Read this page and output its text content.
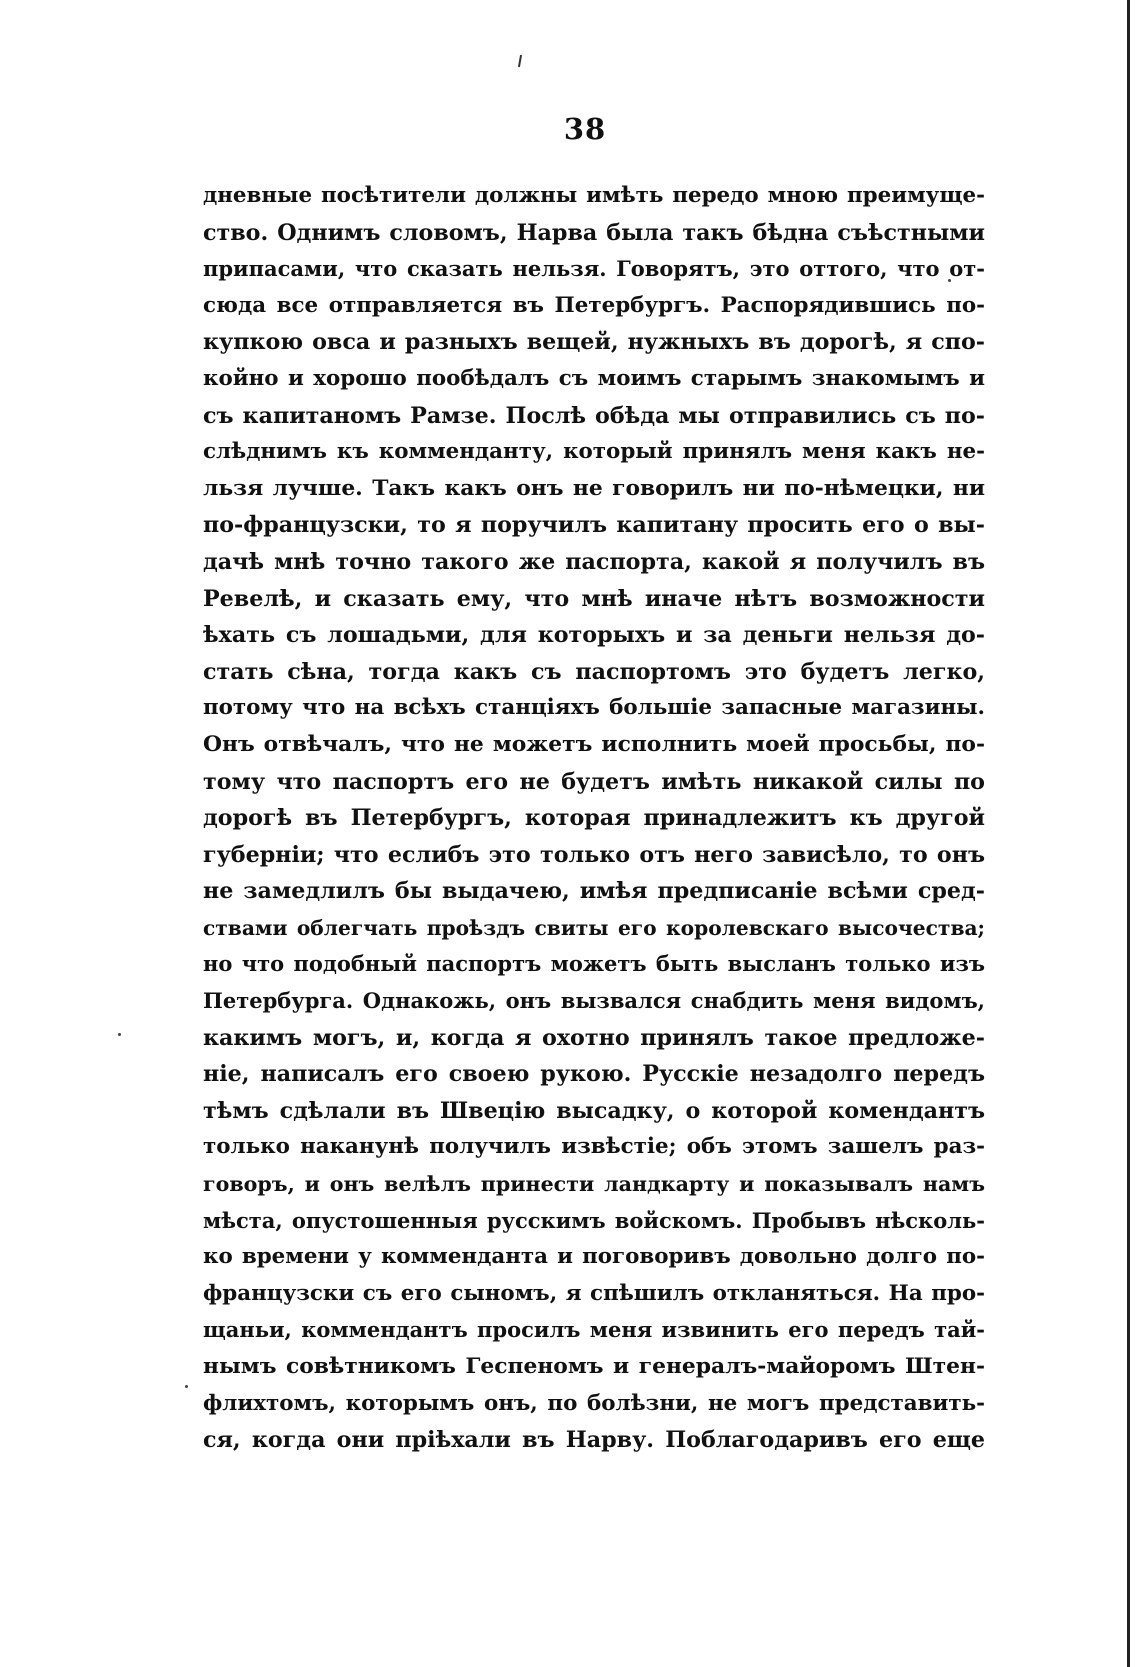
38
дневные посѣтители должны имѣть передо мною преимуще-
ство. Однимъ словомъ, Нарва была такъ бѣдна съѣстными
припасами, что сказать нельзя. Говорятъ, это оттого, что от-
сюда все отправляется въ Петербургъ. Распорядившись по-
купкою овса и разныхъ вещей, нужныхъ въ дорогѣ, я спо-
койно и хорошо пообѣдалъ съ моимъ старымъ знакомымъ и
съ капитаномъ Рамзе. Послѣ обѣда мы отправились съ по-
слѣднимъ къ комменданту, который принялъ меня какъ не-
льзя лучше. Такъ какъ онъ не говорилъ ни по-нѣмецки, ни
по-французски, то я поручилъ капитану просить его о вы-
дачѣ мнѣ точно такого же паспорта, какой я получилъ въ
Ревелѣ, и сказать ему, что мнѣ иначе нѣтъ возможности
ѣхать съ лошадьми, для которыхъ и за деньги нельзя до-
стать сѣна, тогда какъ съ паспортомъ это будетъ легко,
потому что на всѣхъ станціяхъ большіе запасные магазины.
Онъ отвѣчалъ, что не можетъ исполнить моей просьбы, по-
тому что паспортъ его не будетъ имѣть никакой силы по
дорогѣ въ Петербургъ, которая принадлежитъ къ другой
губерніи; что еслибъ это только отъ него зависѣло, то онъ
не замедлилъ бы выдачею, имѣя предписаніе всѣми сред-
ствами облегчать проѣздъ свиты его королевскаго высочества;
но что подобный паспортъ можетъ быть высланъ только изъ
Петербурга. Однакожь, онъ вызвался снабдить меня видомъ,
какимъ могъ, и, когда я охотно принялъ такое предложе-
ніе, написалъ его своею рукою. Русскіе незадолго передъ
тѣмъ сдѣлали въ Швецію высадку, о которой комендантъ
только наканунѣ получилъ извѣстіе; объ этомъ зашелъ раз-
говоръ, и онъ велѣлъ принести ландкарту и показывалъ намъ
мѣста, опустошенныя русскимъ войскомъ. Пробывъ нѣсколь-
ко времени у коммендaнта и поговоривъ довольно долго по-
французски съ его сыномъ, я спѣшилъ откланяться. На про-
щаньи, коммендантъ просилъ меня извинить его передъ тай-
нымъ совѣтникомъ Геспеномъ и генералъ-майоромъ Штен-
флихтомъ, которымъ онъ, по болѣзни, не могъ представить-
ся, когда они пріѣхали въ Нарву. Поблагодаривъ его еще
